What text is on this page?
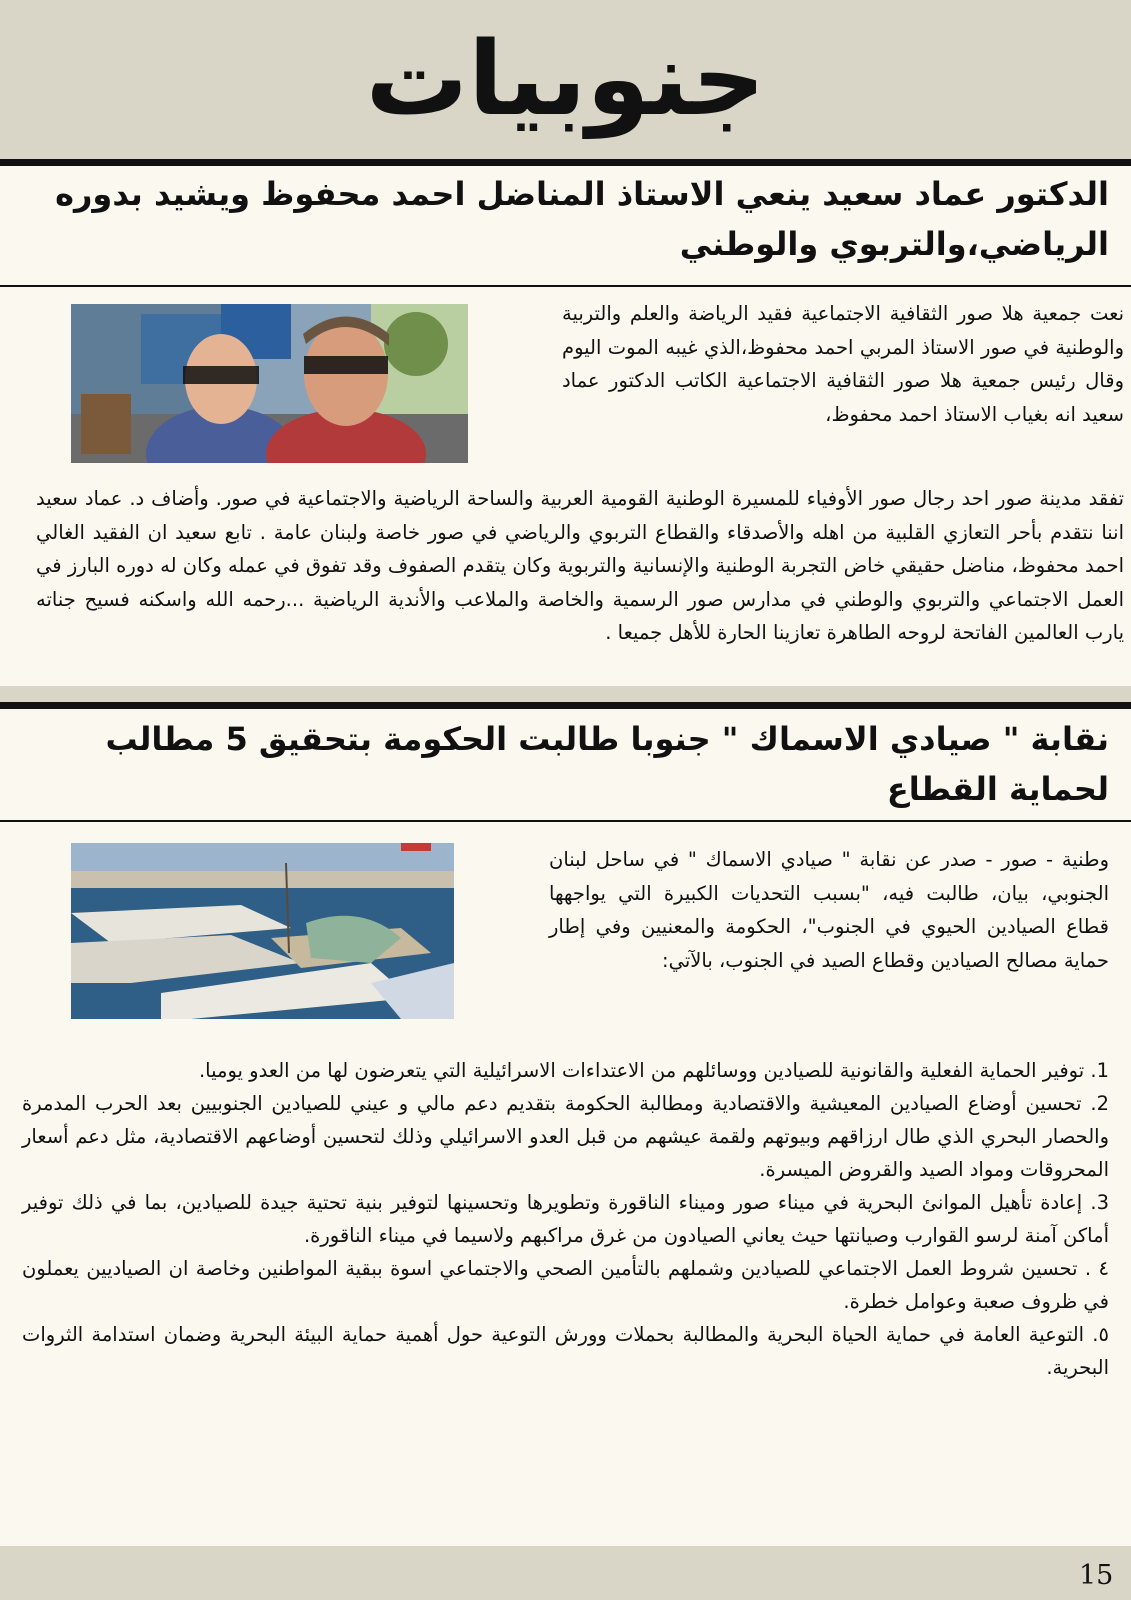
جنوبيات
الدكتور عماد سعيد ينعي الاستاذ المناضل احمد محفوظ ويشيد بدوره الرياضي،والتربوي والوطني

نعت جمعية هلا صور الثقافية الاجتماعية فقيد الرياضة والعلم والتربية والوطنية في صور الاستاذ المربي احمد محفوظ،الذي غيبه الموت اليوم وقال رئيس جمعية هلا صور الثقافية الاجتماعية الكاتب الدكتور عماد سعيد انه بغياب الاستاذ احمد محفوظ،

تفقد مدينة صور احد رجال صور الأوفياء للمسيرة الوطنية القومية العربية والساحة الرياضية والاجتماعية في صور. وأضاف د. عماد سعيد اننا نتقدم بأحر التعازي القلبية من اهله والأصدقاء والقطاع التربوي والرياضي في صور خاصة ولبنان عامة . تابع سعيد ان الفقيد الغالي احمد محفوظ، مناضل حقيقي خاض التجربة الوطنية والإنسانية والتربوية وكان يتقدم الصفوف وقد تفوق في عمله وكان له دوره البارز في العمل الاجتماعي والتربوي والوطني في مدارس صور الرسمية والخاصة والملاعب والأندية الرياضية ...رحمه الله واسكنه فسيح جناته يارب العالمين الفاتحة لروحه الطاهرة تعازينا الحارة للأهل جميعا .

نقابة " صيادي الاسماك " جنوبا طالبت الحكومة بتحقيق 5 مطالب لحماية القطاع

وطنية - صور - صدر عن نقابة " صيادي الاسماك " في ساحل لبنان الجنوبي، بيان، طالبت فيه، "بسبب التحديات الكبيرة التي يواجهها قطاع الصيادين الحيوي في الجنوب"، الحكومة والمعنيين وفي إطار حماية مصالح الصيادين وقطاع الصيد في الجنوب، بالآتي:

1. توفير الحماية الفعلية والقانونية للصيادين ووسائلهم من الاعتداءات الاسرائيلية التي يتعرضون لها من العدو يوميا.
2. تحسين أوضاع الصيادين المعيشية والاقتصادية ومطالبة الحكومة بتقديم دعم مالي و عيني للصيادين الجنوبيين بعد الحرب المدمرة والحصار البحري الذي طال ارزاقهم وبيوتهم ولقمة عيشهم من قبل العدو الاسرائيلي وذلك لتحسين أوضاعهم الاقتصادية، مثل دعم أسعار المحروقات ومواد الصيد والقروض الميسرة.
3. إعادة تأهيل الموانئ البحرية في ميناء صور وميناء الناقورة وتطويرها وتحسينها لتوفير بنية تحتية جيدة للصيادين، بما في ذلك توفير أماكن آمنة لرسو القوارب وصيانتها حيث يعاني الصيادون من غرق مراكبهم ولاسيما في ميناء الناقورة.
٤ . تحسين شروط العمل الاجتماعي للصيادين وشملهم بالتأمين الصحي والاجتماعي اسوة ببقية المواطنين وخاصة ان الصياديين يعملون في ظروف صعبة وعوامل خطرة.
٥. التوعية العامة في حماية الحياة البحرية والمطالبة بحملات وورش التوعية حول أهمية حماية البيئة البحرية وضمان استدامة الثروات البحرية.

15
